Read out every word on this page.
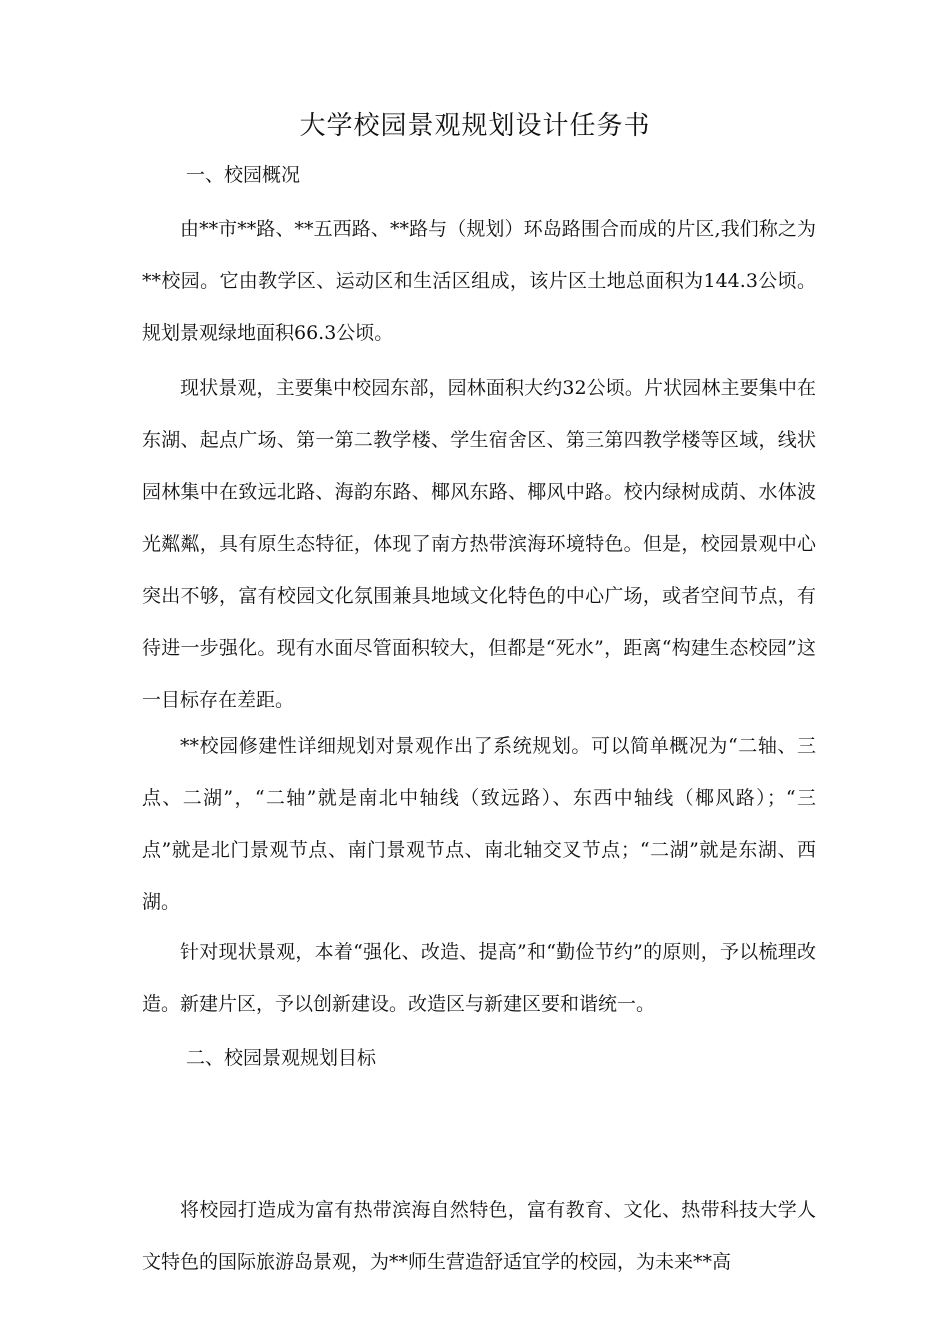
大学校园景观规划设计任务书
一、校园概况

由**市**路、**五西路、**路与（规划）环岛路围合而成的片区,我们称之为**校园。它由教学区、运动区和生活区组成，该片区土地总面积为144.3公顷。规划景观绿地面积66.3公顷。

现状景观，主要集中校园东部，园林面积大约32公顷。片状园林主要集中在东湖、起点广场、第一第二教学楼、学生宿舍区、第三第四教学楼等区域，线状园林集中在致远北路、海韵东路、椰风东路、椰风中路。校内绿树成荫、水体波光粼粼，具有原生态特征，体现了南方热带滨海环境特色。但是，校园景观中心突出不够，富有校园文化氛围兼具地域文化特色的中心广场，或者空间节点，有待进一步强化。现有水面尽管面积较大，但都是“死水”，距离“构建生态校园”这一目标存在差距。

**校园修建性详细规划对景观作出了系统规划。可以简单概况为“二轴、三点、二湖”，“二轴”就是南北中轴线（致远路）、东西中轴线（椰风路）；“三点”就是北门景观节点、南门景观节点、南北轴交叉节点；“二湖”就是东湖、西湖。

针对现状景观，本着“强化、改造、提高”和“勤俭节约”的原则，予以梳理改造。新建片区，予以创新建设。改造区与新建区要和谐统一。

二、校园景观规划目标

将校园打造成为富有热带滨海自然特色，富有教育、文化、热带科技大学人文特色的国际旅游岛景观，为**师生营造舒适宜学的校园，为未来**高
